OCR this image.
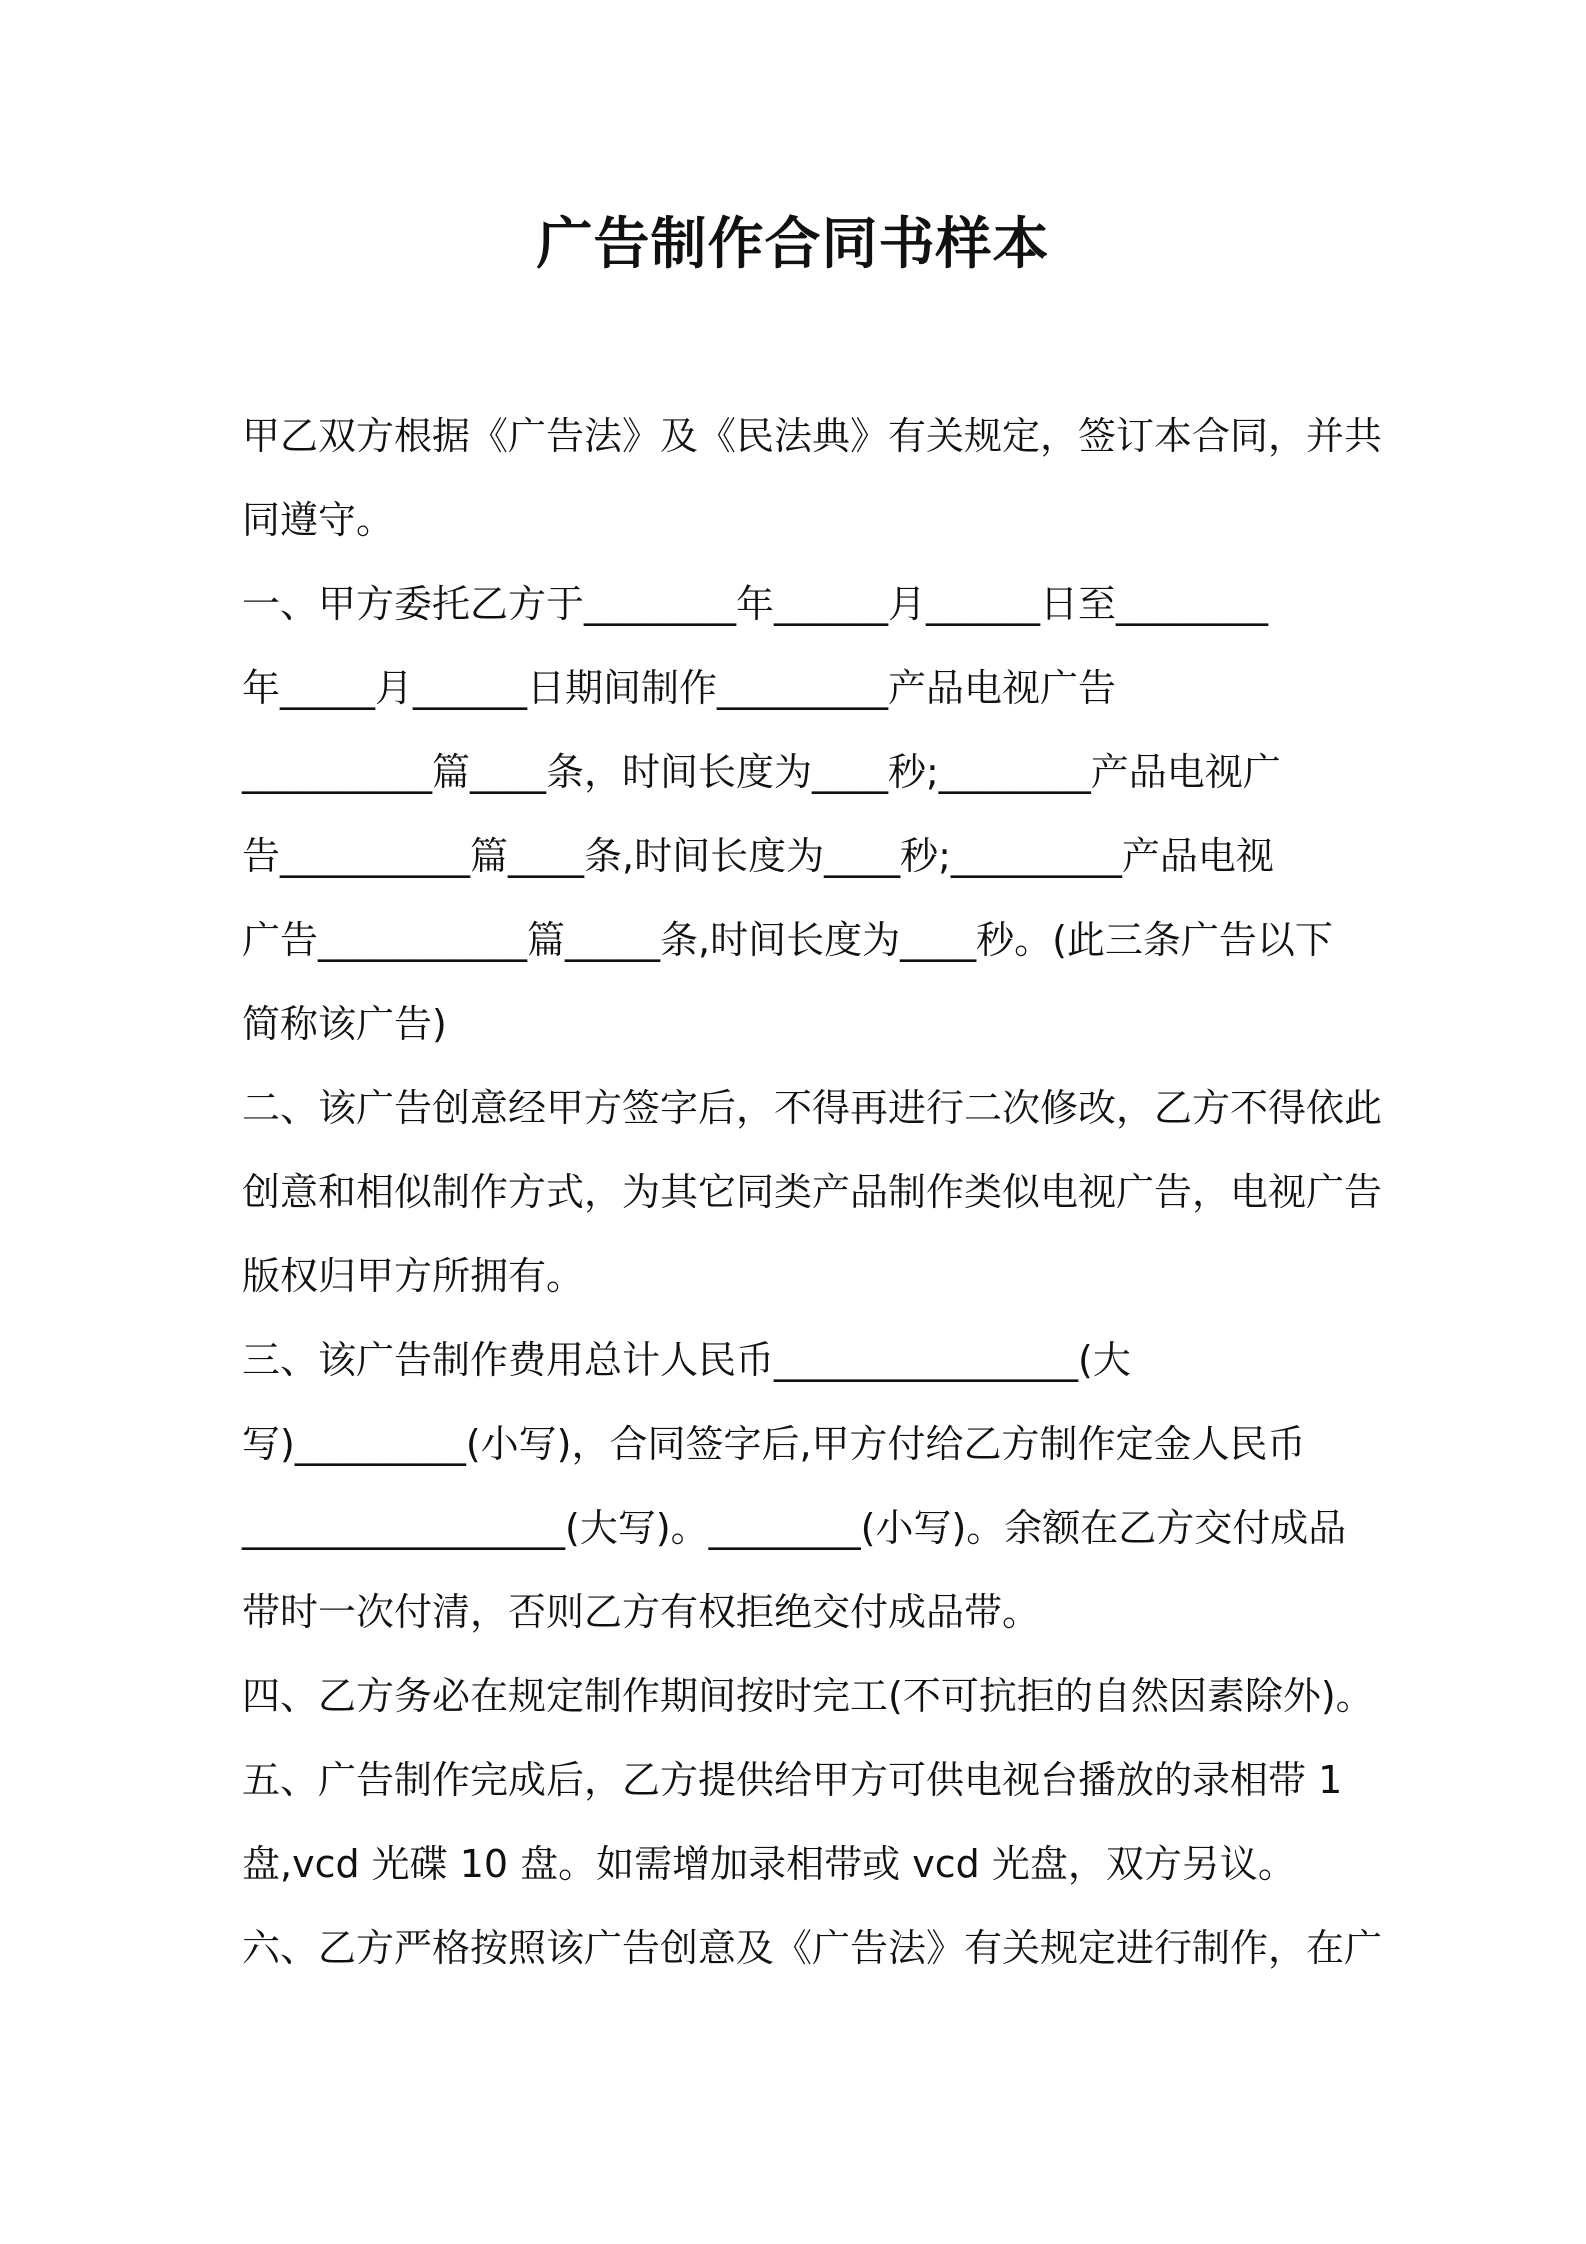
广告制作合同书样本

甲乙双方根据《广告法》及《民法典》有关规定，签订本合同，并共

同遵守。

一、甲方委托乙方于________年______月______日至________

年_____月______日期间制作_________产品电视广告

__________篇____条，时间长度为____秒;________产品电视广

告__________篇____条,时间长度为____秒;_________产品电视

广告___________篇_____条,时间长度为____秒。(此三条广告以下

简称该广告)

二、该广告创意经甲方签字后，不得再进行二次修改，乙方不得依此

创意和相似制作方式，为其它同类产品制作类似电视广告，电视广告

版权归甲方所拥有。

三、该广告制作费用总计人民币________________(大

写)_________(小写)，合同签字后,甲方付给乙方制作定金人民币

_________________(大写)。________(小写)。余额在乙方交付成品

带时一次付清，否则乙方有权拒绝交付成品带。

四、乙方务必在规定制作期间按时完工(不可抗拒的自然因素除外)。

五、广告制作完成后，乙方提供给甲方可供电视台播放的录相带 1

盘,vcd 光碟 10 盘。如需增加录相带或 vcd 光盘，双方另议。

六、乙方严格按照该广告创意及《广告法》有关规定进行制作，在广
